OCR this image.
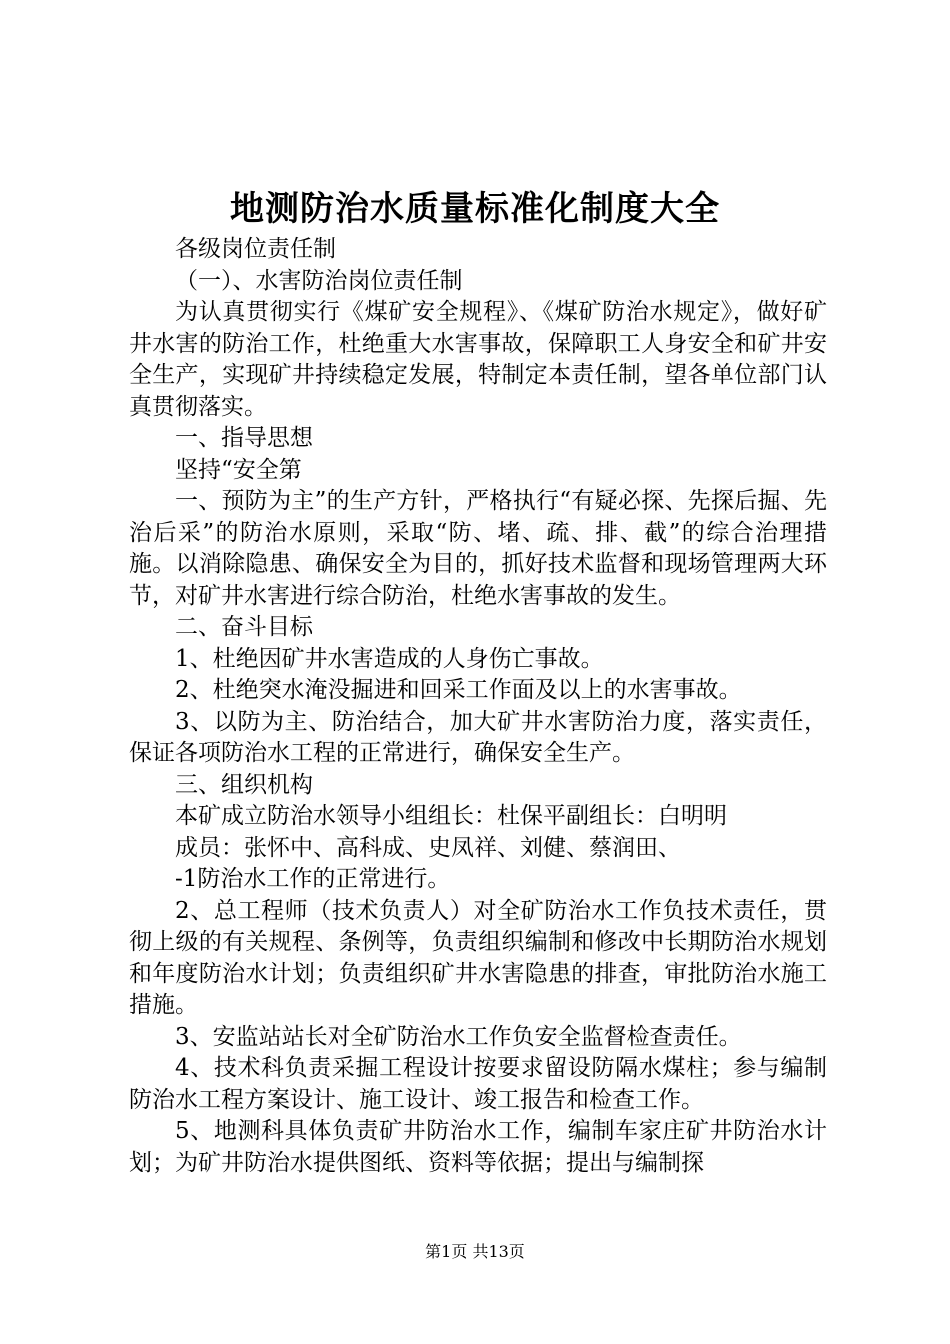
地测防治水质量标准化制度大全

各级岗位责任制

（一）、水害防治岗位责任制

为认真贯彻实行《煤矿安全规程》、《煤矿防治水规定》，做好矿井水害的防治工作，杜绝重大水害事故，保障职工人身安全和矿井安全生产，实现矿井持续稳定发展，特制定本责任制，望各单位部门认真贯彻落实。

一、指导思想

坚持“安全第

一、预防为主”的生产方针，严格执行“有疑必探、先探后掘、先治后采”的防治水原则，采取“防、堵、疏、排、截”的综合治理措施。以消除隐患、确保安全为目的，抓好技术监督和现场管理两大环节，对矿井水害进行综合防治，杜绝水害事故的发生。

二、奋斗目标

1、杜绝因矿井水害造成的人身伤亡事故。

2、杜绝突水淹没掘进和回采工作面及以上的水害事故。

3、以防为主、防治结合，加大矿井水害防治力度，落实责任，保证各项防治水工程的正常进行，确保安全生产。

三、组织机构

本矿成立防治水领导小组组长：杜保平副组长：白明明

成员：张怀中、高科成、史凤祥、刘健、蔡润田、

-1防治水工作的正常进行。

2、总工程师（技术负责人）对全矿防治水工作负技术责任，贯彻上级的有关规程、条例等，负责组织编制和修改中长期防治水规划和年度防治水计划；负责组织矿井水害隐患的排查，审批防治水施工措施。

3、安监站站长对全矿防治水工作负安全监督检查责任。

4、技术科负责采掘工程设计按要求留设防隔水煤柱；参与编制防治水工程方案设计、施工设计、竣工报告和检查工作。

5、地测科具体负责矿井防治水工作，编制车家庄矿井防治水计划；为矿井防治水提供图纸、资料等依据；提出与编制探

第1页 共13页
